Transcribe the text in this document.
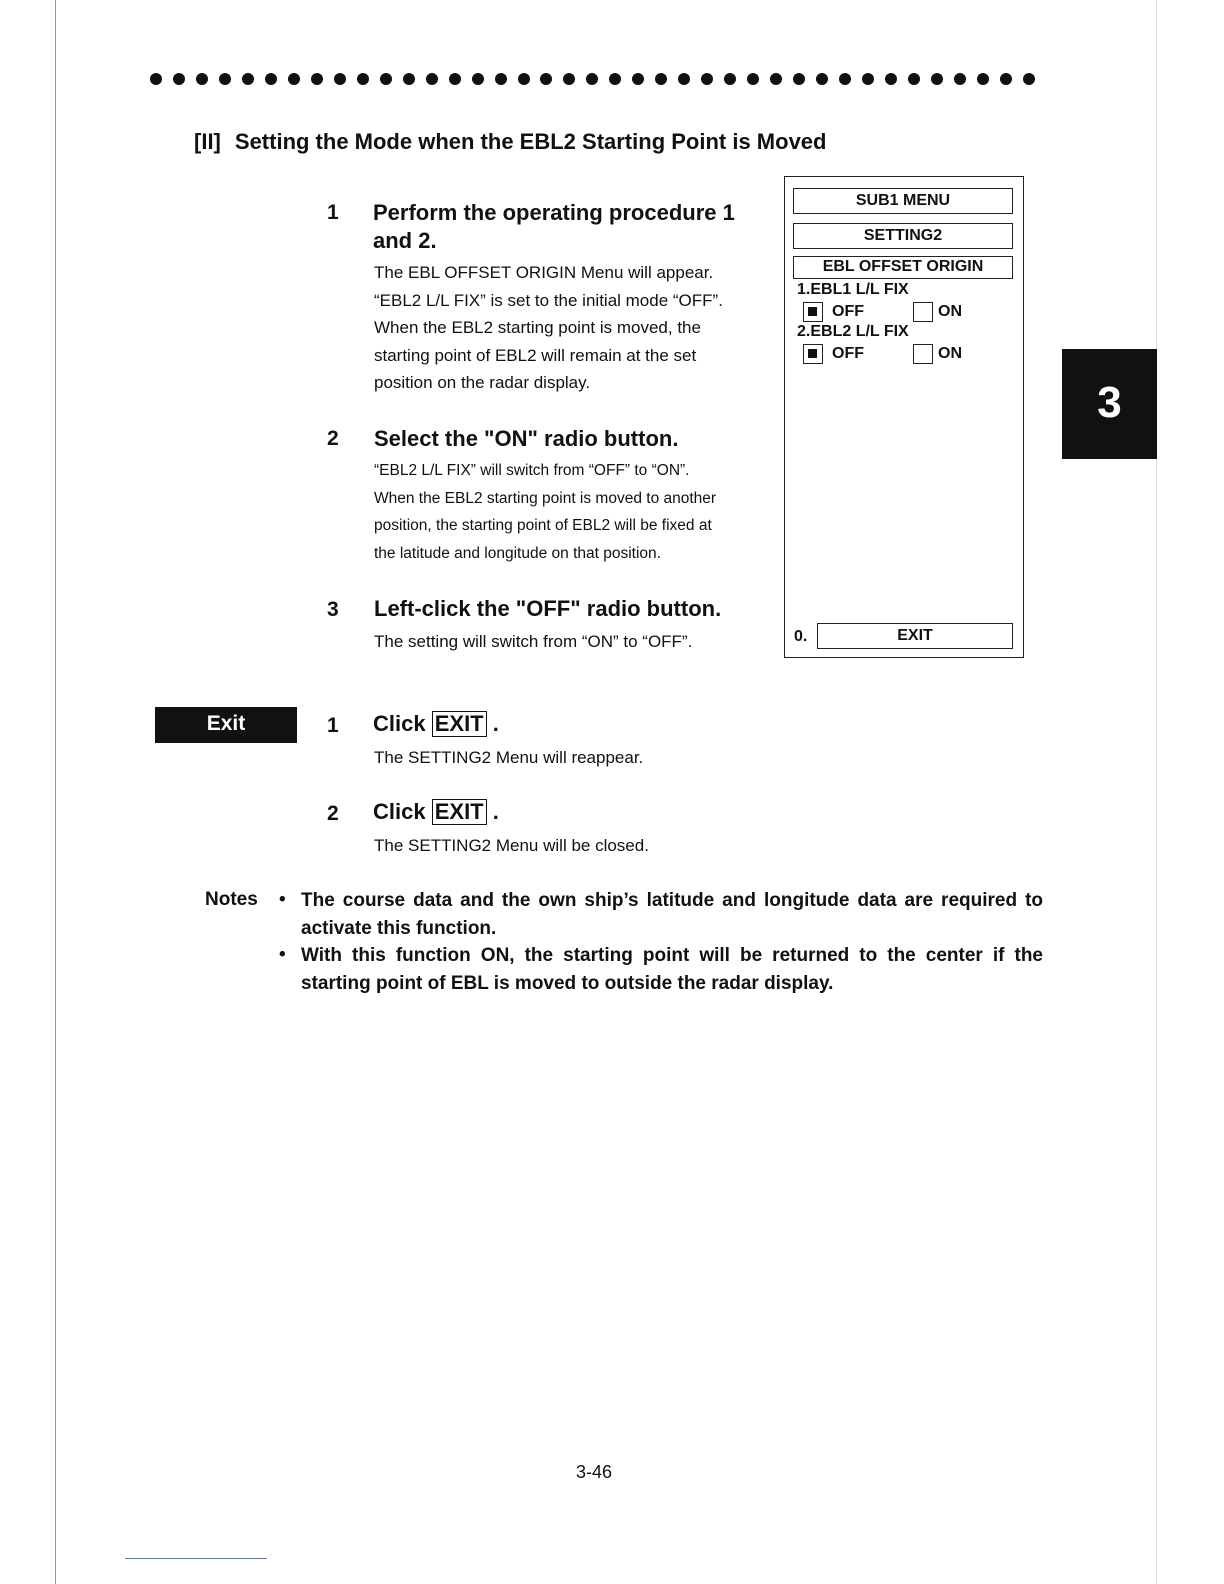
[II] Setting the Mode when the EBL2 Starting Point is Moved
1 Perform the operating procedure 1
and 2.
The EBL OFFSET ORIGIN Menu will appear.
“EBL2 L/L FIX” is set to the initial mode “OFF”.
When the EBL2 starting point is moved, the
starting point of EBL2 will remain at the set
position on the radar display.
2 Select the "ON" radio button.
“EBL2 L/L FIX” will switch from “OFF” to “ON”.
When the EBL2 starting point is moved to another
position, the starting point of EBL2 will be fixed at
the latitude and longitude on that position.
3 Left-click the "OFF" radio button.
The setting will switch from “ON” to “OFF”.
SUB1 MENU
SETTING2
EBL OFFSET ORIGIN
1.EBL1 L/L FIX
OFF	ON
2.EBL2 L/L FIX
OFF	ON
0.	EXIT
3
Exit	1 Click EXIT .
The SETTING2 Menu will reappear.
2 Click EXIT .
The SETTING2 Menu will be closed.
Notes • The course data and the own ship’s latitude and longitude data are required to activate this function.
• With this function ON, the starting point will be returned to the center if the starting point of EBL is moved to outside the radar display.
3-46
